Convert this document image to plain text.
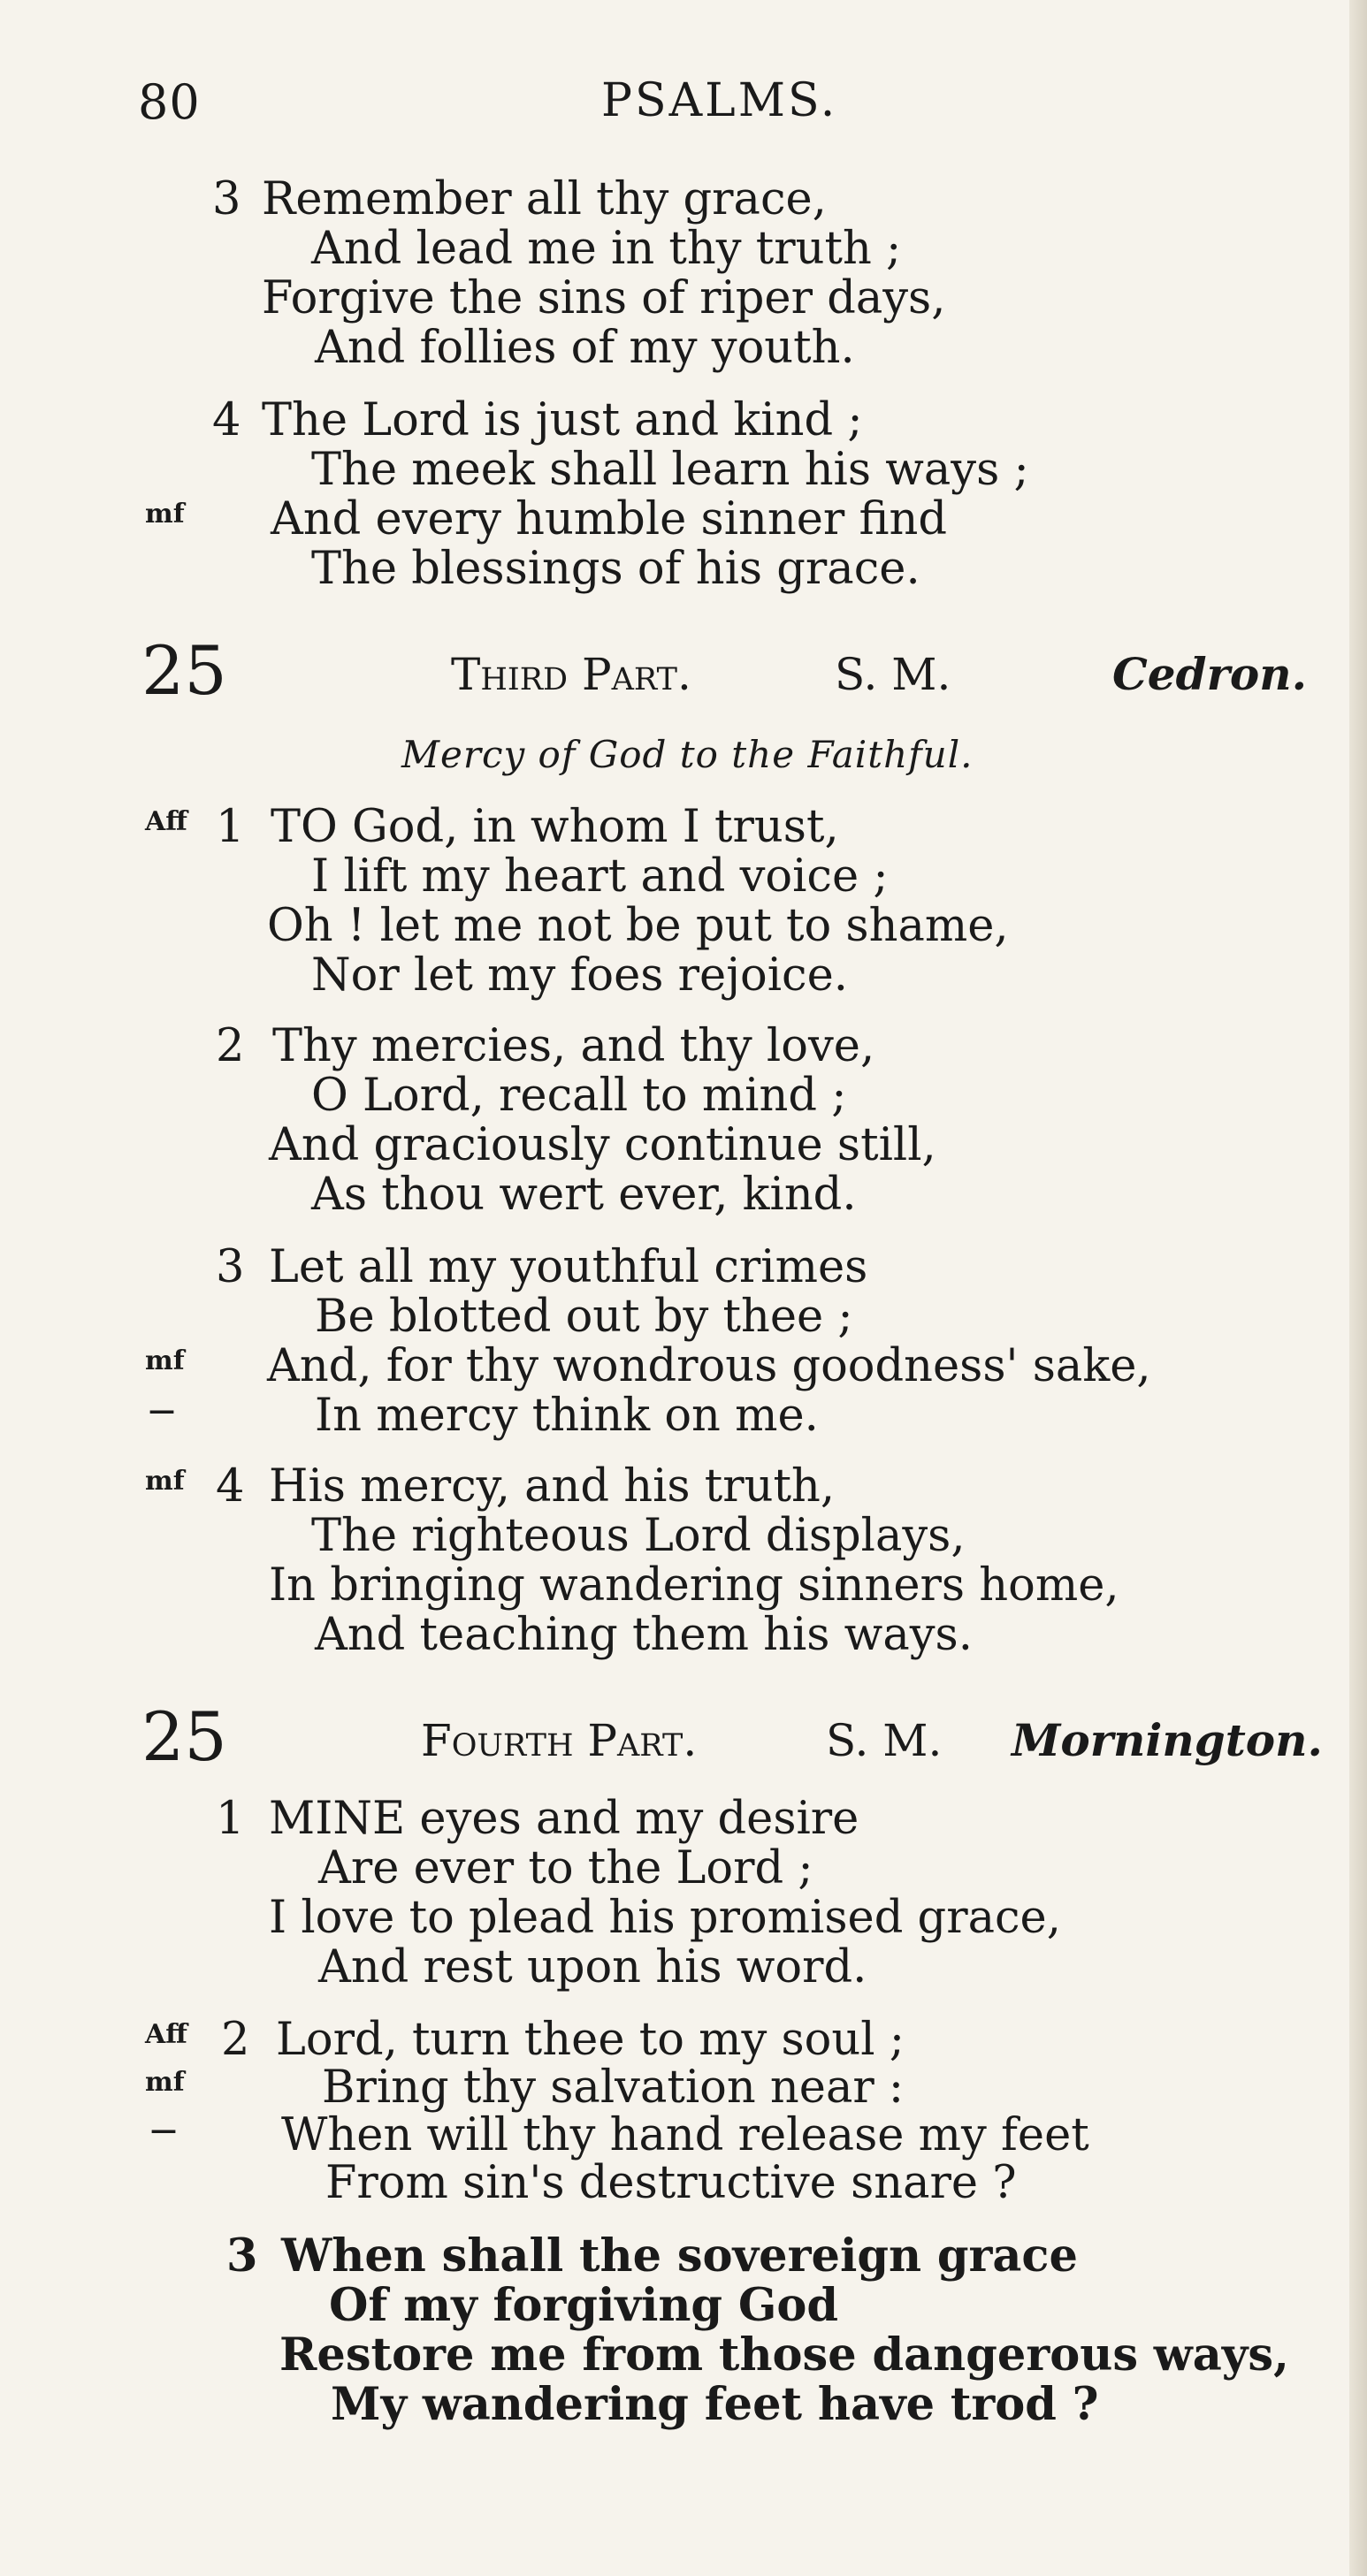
80	PSALMS.
3 Remember all thy grace,
And lead me in thy truth ;
Forgive the sins of riper days,
And follies of my youth.
4 The Lord is just and kind ;
The meek shall learn his ways ;
mf And every humble sinner find
The blessings of his grace.
25	Third Part.	S. M.	Cedron.
Mercy of God to the Faithful.
Aff 1 TO God, in whom I trust,
I lift my heart and voice ;
Oh ! let me not be put to shame,
Nor let my foes rejoice.
2 Thy mercies, and thy love,
O Lord, recall to mind ;
And graciously continue still,
As thou wert ever, kind.
3 Let all my youthful crimes
Be blotted out by thee ;
mf And, for thy wondrous goodness' sake,
—	In mercy think on me.
mf 4 His mercy, and his truth,
The righteous Lord displays,
In bringing wandering sinners home,
And teaching them his ways.
25	Fourth Part.	S. M. Mornington.
1 MINE eyes and my desire
Are ever to the Lord ;
I love to plead his promised grace,
And rest upon his word.
Aff 2 Lord, turn thee to my soul ;
mf	Bring thy salvation near :
— When will thy hand release my feet
From sin's destructive snare ?
3 When shall the sovereign grace
Of my forgiving God
Restore me from those dangerous ways,
My wandering feet have trod ?
